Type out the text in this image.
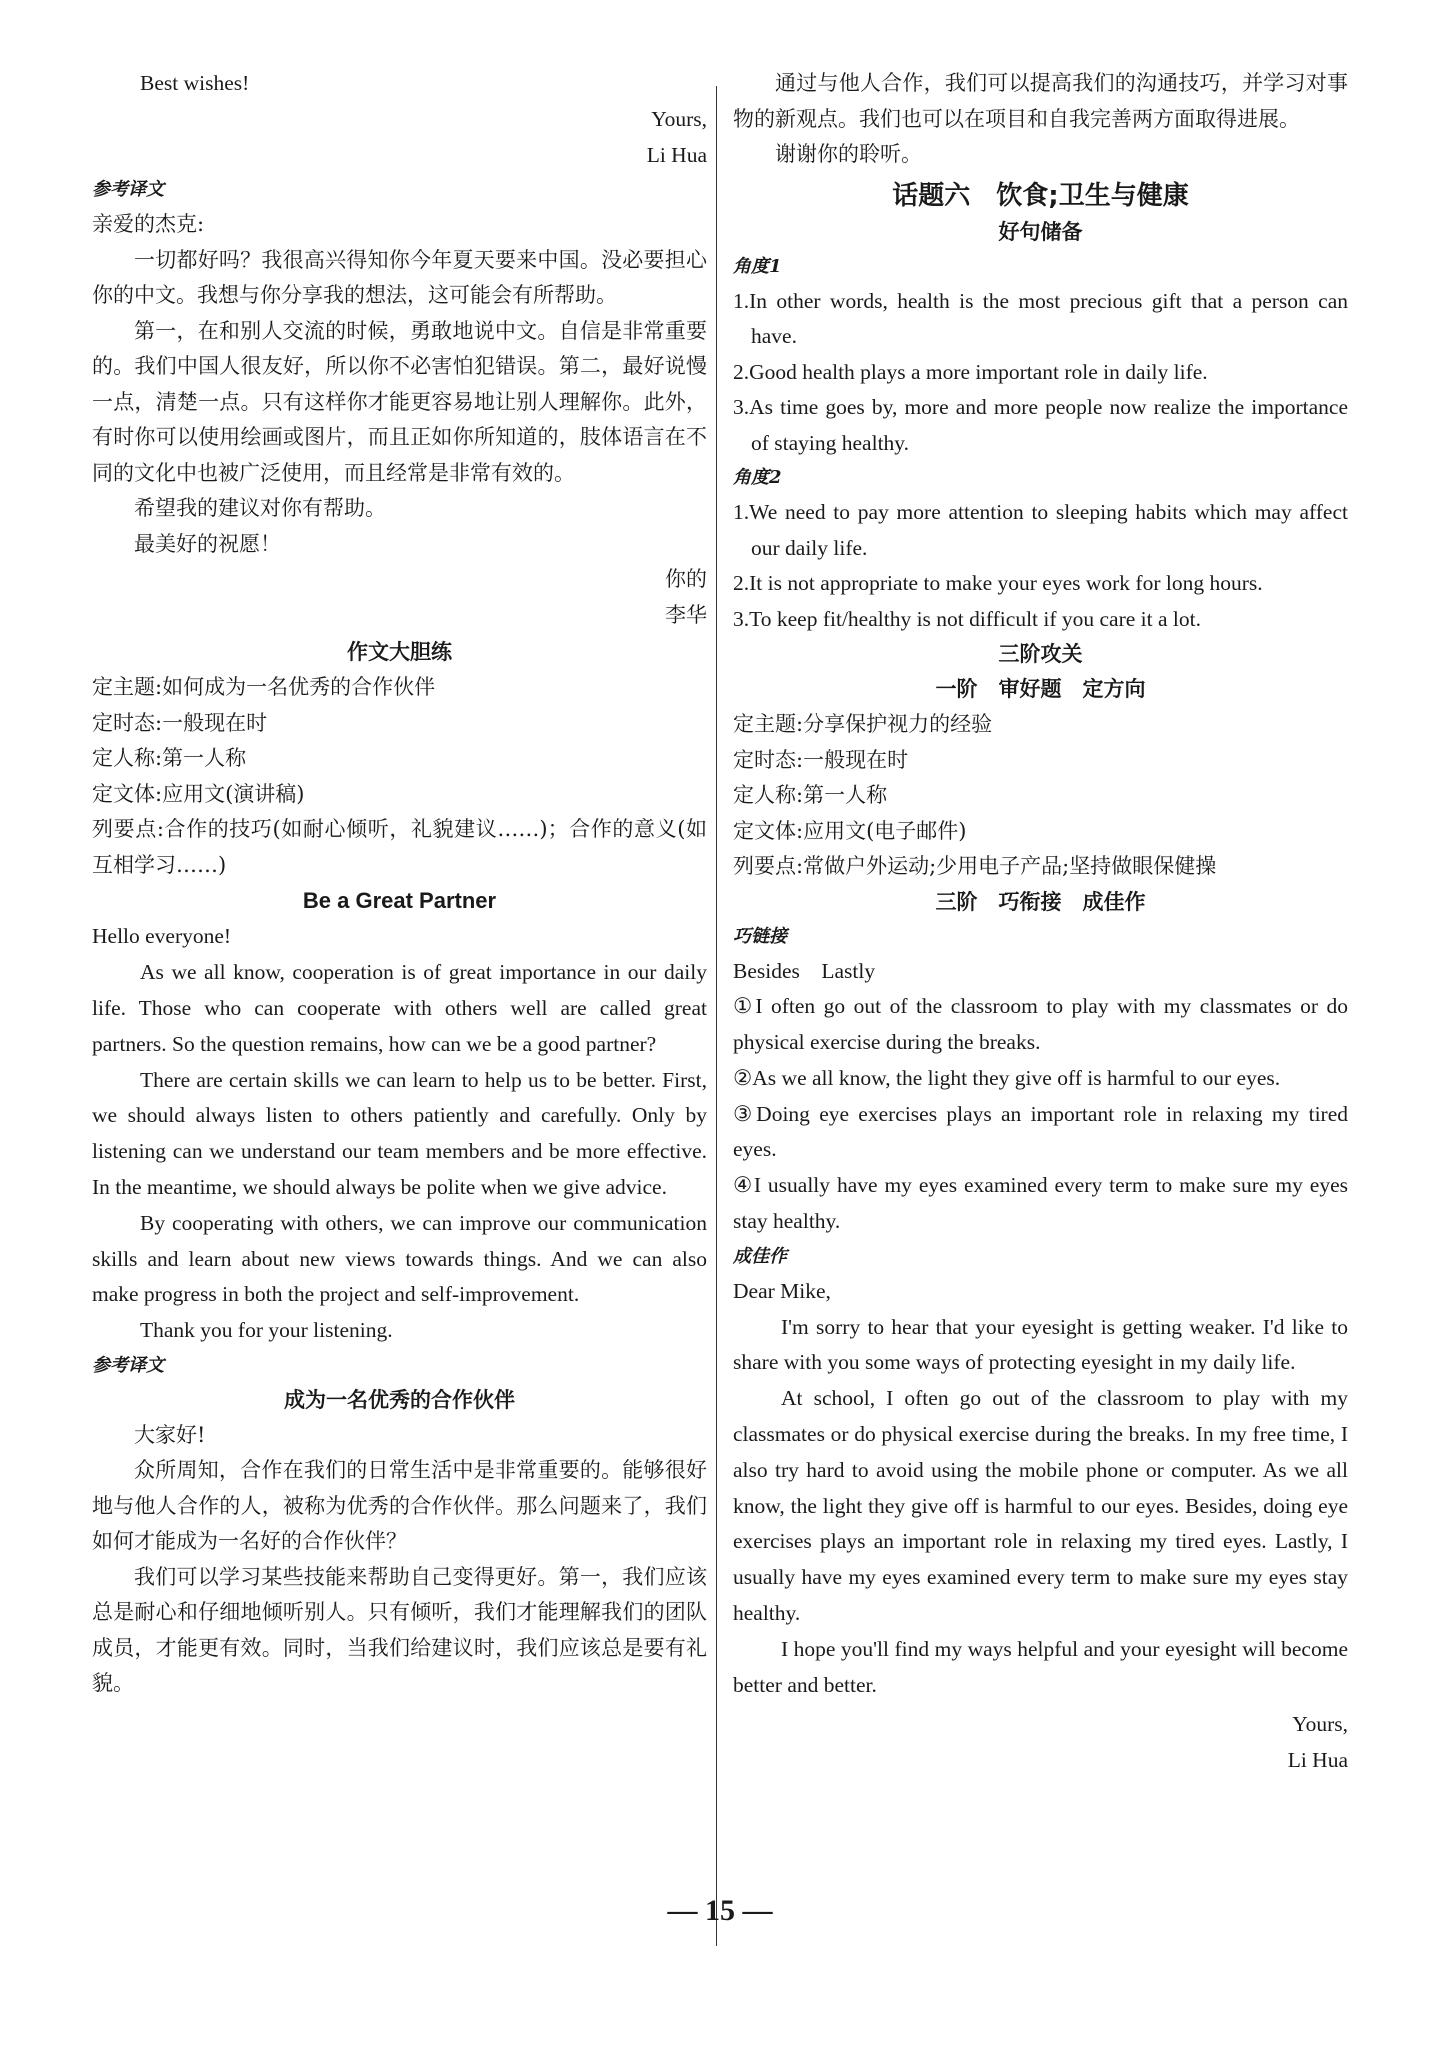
Best wishes!

Yours,

Li Hua

参考译文

亲爱的杰克:

一切都好吗？我很高兴得知你今年夏天要来中国。没必要担心你的中文。我想与你分享我的想法，这可能会有所帮助。

第一，在和别人交流的时候，勇敢地说中文。自信是非常重要的。我们中国人很友好，所以你不必害怕犯错误。第二，最好说慢一点，清楚一点。只有这样你才能更容易地让别人理解你。此外，有时你可以使用绘画或图片，而且正如你所知道的，肢体语言在不同的文化中也被广泛使用，而且经常是非常有效的。

希望我的建议对你有帮助。

最美好的祝愿！

你的

李华

作文大胆练

定主题:如何成为一名优秀的合作伙伴

定时态:一般现在时

定人称:第一人称

定文体:应用文(演讲稿)

列要点:合作的技巧(如耐心倾听，礼貌建议……)；合作的意义(如互相学习……)

Be a Great Partner

Hello everyone!

As we all know, cooperation is of great importance in our daily life. Those who can cooperate with others well are called great partners. So the question remains, how can we be a good partner?

There are certain skills we can learn to help us to be better. First, we should always listen to others patiently and carefully. Only by listening can we understand our team members and be more effective. In the meantime, we should always be polite when we give advice.

By cooperating with others, we can improve our communication skills and learn about new views towards things. And we can also make progress in both the project and self-improvement.

Thank you for your listening.

参考译文

成为一名优秀的合作伙伴

大家好!

众所周知，合作在我们的日常生活中是非常重要的。能够很好地与他人合作的人，被称为优秀的合作伙伴。那么问题来了，我们如何才能成为一名好的合作伙伴？

我们可以学习某些技能来帮助自己变得更好。第一，我们应该总是耐心和仔细地倾听别人。只有倾听，我们才能理解我们的团队成员，才能更有效。同时，当我们给建议时，我们应该总是要有礼貌。

通过与他人合作，我们可以提高我们的沟通技巧，并学习对事物的新观点。我们也可以在项目和自我完善两方面取得进展。

谢谢你的聆听。

话题六　饮食;卫生与健康

好句储备

角度1

1.In other words, health is the most precious gift that a person can have.

2.Good health plays a more important role in daily life.

3.As time goes by, more and more people now realize the importance of staying healthy.

角度2

1.We need to pay more attention to sleeping habits which may affect our daily life.

2.It is not appropriate to make your eyes work for long hours.

3.To keep fit/healthy is not difficult if you care it a lot.

三阶攻关

一阶　审好题　定方向

定主题:分享保护视力的经验

定时态:一般现在时

定人称:第一人称

定文体:应用文(电子邮件)

列要点:常做户外运动;少用电子产品;坚持做眼保健操

三阶　巧衔接　成佳作

巧链接

Besides　Lastly

①I often go out of the classroom to play with my classmates or do physical exercise during the breaks.

②As we all know, the light they give off is harmful to our eyes.

③Doing eye exercises plays an important role in relaxing my tired eyes.

④I usually have my eyes examined every term to make sure my eyes stay healthy.

成佳作

Dear Mike,

I'm sorry to hear that your eyesight is getting weaker. I'd like to share with you some ways of protecting eyesight in my daily life.

At school, I often go out of the classroom to play with my classmates or do physical exercise during the breaks. In my free time, I also try hard to avoid using the mobile phone or computer. As we all know, the light they give off is harmful to our eyes. Besides, doing eye exercises plays an important role in relaxing my tired eyes. Lastly, I usually have my eyes examined every term to make sure my eyes stay healthy.

I hope you'll find my ways helpful and your eyesight will become better and better.

Yours,

Li Hua

— 15 —
